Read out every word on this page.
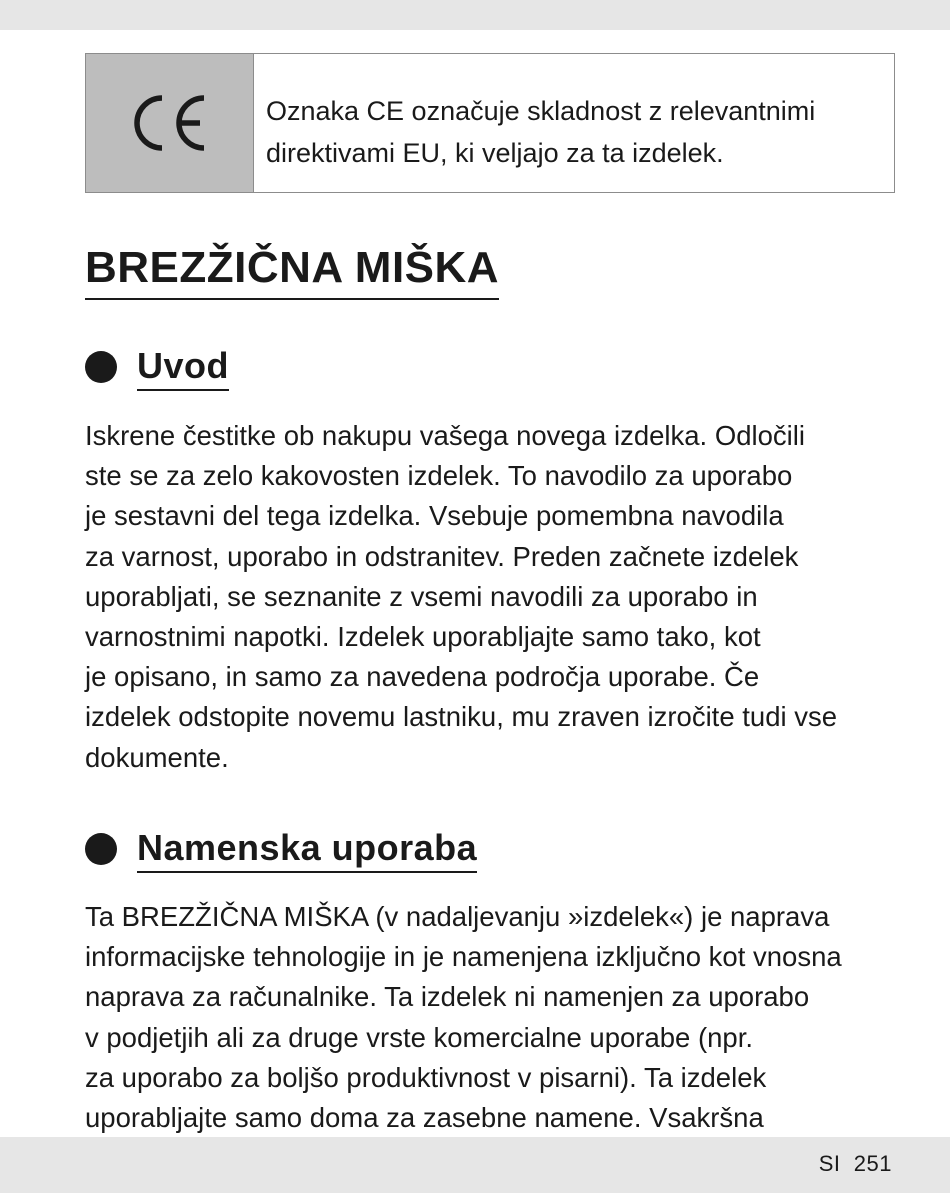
Oznaka CE označuje skladnost z relevantnimi
direktivami EU, ki veljajo za ta izdelek.
BREZŽIČNA MIŠKA
Uvod
Iskrene čestitke ob nakupu vašega novega izdelka. Odločili
ste se za zelo kakovosten izdelek. To navodilo za uporabo
je sestavni del tega izdelka. Vsebuje pomembna navodila
za varnost, uporabo in odstranitev. Preden začnete izdelek
uporabljati, se seznanite z vsemi navodili za uporabo in
varnostnimi napotki. Izdelek uporabljajte samo tako, kot
je opisano, in samo za navedena področja uporabe. Če
izdelek odstopite novemu lastniku, mu zraven izročite tudi vse
dokumente.
Namenska uporaba
Ta BREZŽIČNA MIŠKA (v nadaljevanju »izdelek«) je naprava
informacijske tehnologije in je namenjena izključno kot vnosna
naprava za računalnike. Ta izdelek ni namenjen za uporabo
v podjetjih ali za druge vrste komercialne uporabe (npr.
za uporabo za boljšo produktivnost v pisarni). Ta izdelek
uporabljajte samo doma za zasebne namene. Vsakršna
SI 251
